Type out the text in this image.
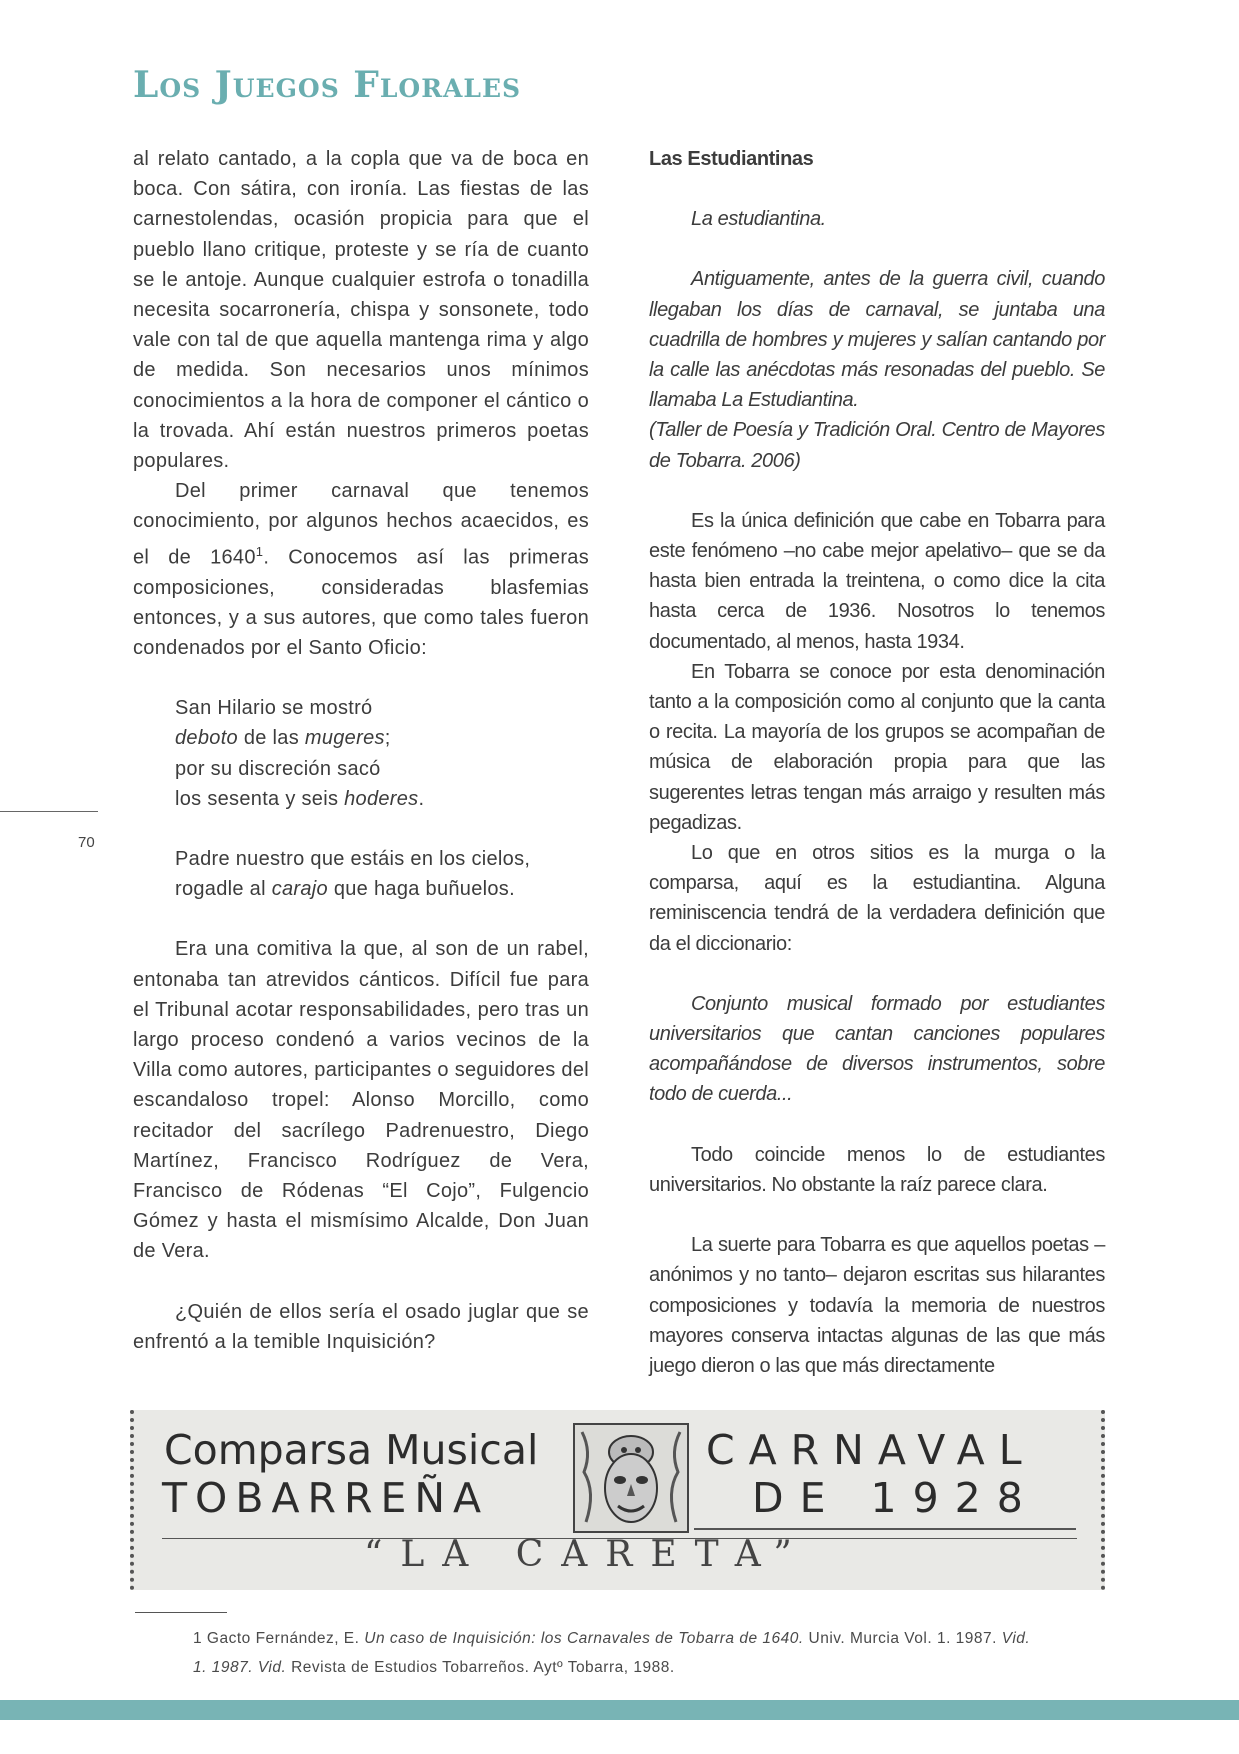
Los Juegos Florales

al relato cantado, a la copla que va de boca en boca. Con sátira, con ironía. Las fiestas de las carnestolendas, ocasión propicia para que el pueblo llano critique, proteste y se ría de cuanto se le antoje. Aunque cualquier estrofa o tonadilla necesita socarronería, chispa y sonsonete, todo vale con tal de que aquella mantenga rima y algo de medida. Son necesarios unos mínimos conocimientos a la hora de componer el cántico o la trovada. Ahí están nuestros primeros poetas populares.

Del primer carnaval que tenemos conocimiento, por algunos hechos acaecidos, es el de 1640$^1$. Conocemos así las primeras composiciones, consideradas blasfemias entonces, y a sus autores, que como tales fueron condenados por el Santo Oficio:

San Hilario se mostró
deboto de las mugeres;
por su discreción sacó
los sesenta y seis hoderes.
Padre nuestro que estáis en los cielos,
rogadle al carajo que haga buñuelos.

Era una comitiva la que, al son de un rabel, entonaba tan atrevidos cánticos. Difícil fue para el Tribunal acotar responsabilidades, pero tras un largo proceso condenó a varios vecinos de la Villa como autores, participantes o seguidores del escandaloso tropel: Alonso Morcillo, como recitador del sacrílego Padrenuestro, Diego Martínez, Francisco Rodríguez de Vera, Francisco de Ródenas “El Cojo”, Fulgencio Gómez y hasta el mismísimo Alcalde, Don Juan de Vera.

¿Quién de ellos sería el osado juglar que se enfrentó a la temible Inquisición?

Las Estudiantinas

La estudiantina.

Antiguamente, antes de la guerra civil, cuando llegaban los días de carnaval, se juntaba una cuadrilla de hombres y mujeres y salían cantando por la calle las anécdotas más resonadas del pueblo. Se llamaba La Estudiantina.

(Taller de Poesía y Tradición Oral. Centro de Mayores de Tobarra. 2006)

Es la única definición que cabe en Tobarra para este fenómeno –no cabe mejor apelativo– que se da hasta bien entrada la treintena, o como dice la cita hasta cerca de 1936. Nosotros lo tenemos documentado, al menos, hasta 1934.

En Tobarra se conoce por esta denominación tanto a la composición como al conjunto que la canta o recita. La mayoría de los grupos se acompañan de música de elaboración propia para que las sugerentes letras tengan más arraigo y resulten más pegadizas.

Lo que en otros sitios es la murga o la comparsa, aquí es la estudiantina. Alguna reminiscencia tendrá de la verdadera definición que da el diccionario:

Conjunto musical formado por estudiantes universitarios que cantan canciones populares acompañándose de diversos instrumentos, sobre todo de cuerda...

Todo coincide menos lo de estudiantes universitarios. No obstante la raíz parece clara.

La suerte para Tobarra es que aquellos poetas –anónimos y no tanto– dejaron escritas sus hilarantes composiciones y todavía la memoria de nuestros mayores conserva intactas algunas de las que más juego dieron o las que más directamente

70
Comparsa Musical
TOBARREÑA
CARNAVAL
DE 1928
“LA CARETA”

1 Gacto Fernández, E. Un caso de Inquisición: los Carnavales de Tobarra de 1640. Univ. Murcia Vol. 1. 1987. Vid.

1. 1987. Vid. Revista de Estudios Tobarreños. Aytº Tobarra, 1988.
